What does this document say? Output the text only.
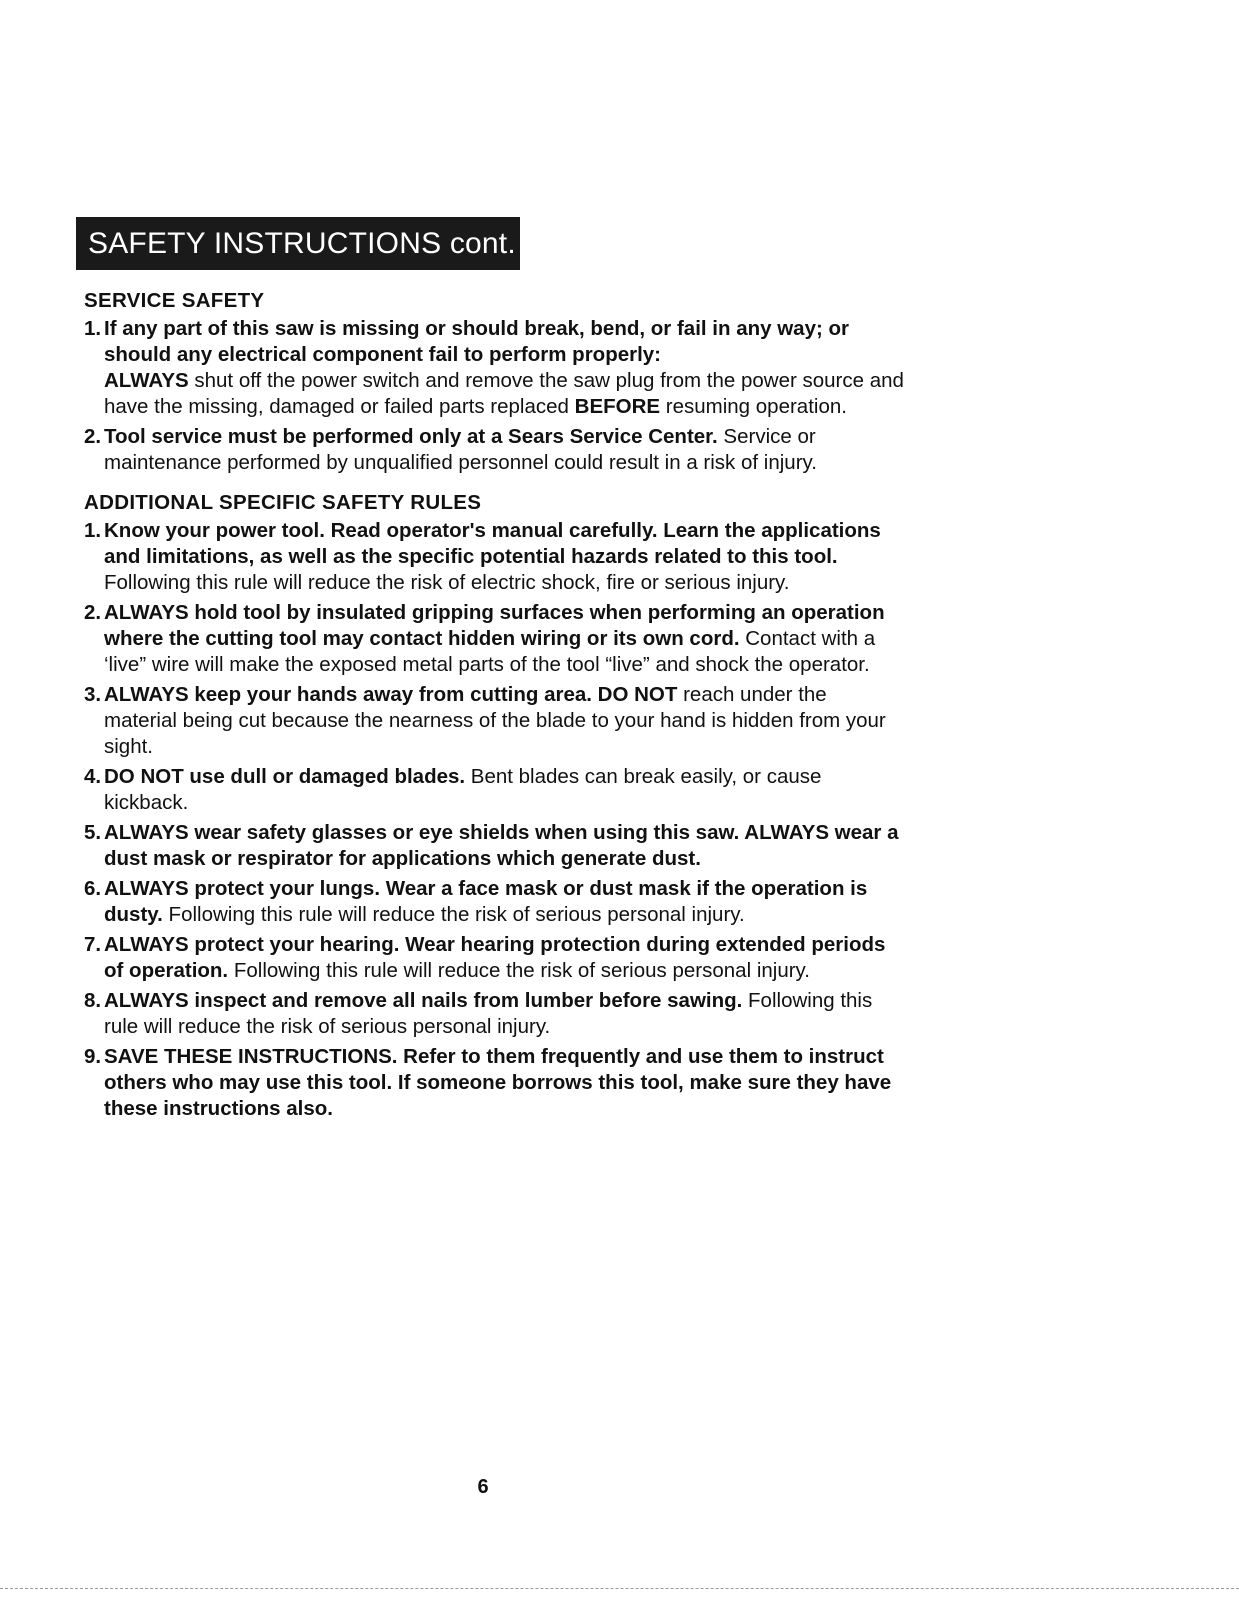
SAFETY INSTRUCTIONS cont.
SERVICE SAFETY
1. If any part of this saw is missing or should break, bend, or fail in any way; or should any electrical component fail to perform properly:
ALWAYS shut off the power switch and remove the saw plug from the power source and have the missing, damaged or failed parts replaced BEFORE resuming operation.
2. Tool service must be performed only at a Sears Service Center. Service or maintenance performed by unqualified personnel could result in a risk of injury.
ADDITIONAL SPECIFIC SAFETY RULES
1. Know your power tool. Read operator's manual carefully. Learn the applications and limitations, as well as the specific potential hazards related to this tool. Following this rule will reduce the risk of electric shock, fire or serious injury.
2. ALWAYS hold tool by insulated gripping surfaces when performing an operation where the cutting tool may contact hidden wiring or its own cord. Contact with a ‘live” wire will make the exposed metal parts of the tool “live” and shock the operator.
3. ALWAYS keep your hands away from cutting area. DO NOT reach under the material being cut because the nearness of the blade to your hand is hidden from your sight.
4. DO NOT use dull or damaged blades. Bent blades can break easily, or cause kickback.
5. ALWAYS wear safety glasses or eye shields when using this saw. ALWAYS wear a dust mask or respirator for applications which generate dust.
6. ALWAYS protect your lungs. Wear a face mask or dust mask if the operation is dusty. Following this rule will reduce the risk of serious personal injury.
7. ALWAYS protect your hearing. Wear hearing protection during extended periods of operation. Following this rule will reduce the risk of serious personal injury.
8. ALWAYS inspect and remove all nails from lumber before sawing. Following this rule will reduce the risk of serious personal injury.
9. SAVE THESE INSTRUCTIONS. Refer to them frequently and use them to instruct others who may use this tool. If someone borrows this tool, make sure they have these instructions also.
6
